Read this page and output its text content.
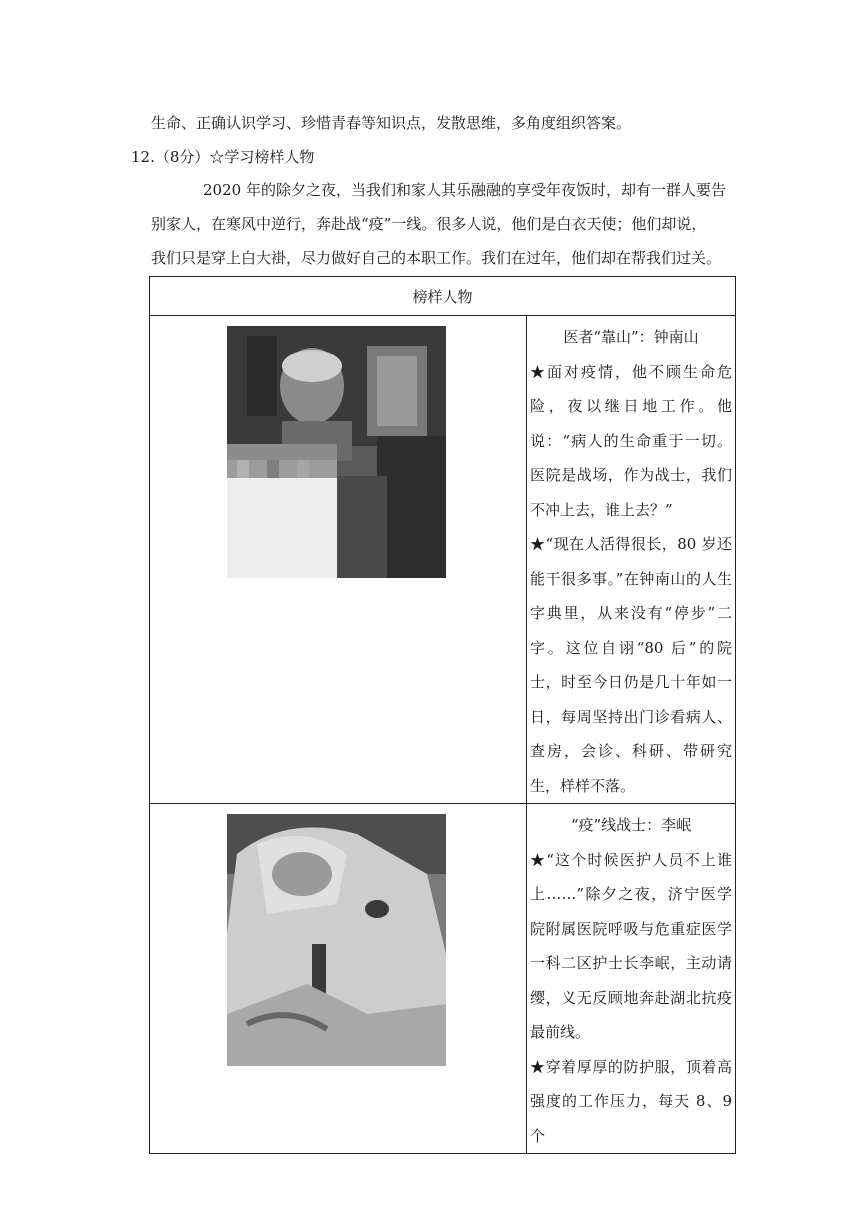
生命、正确认识学习、珍惜青春等知识点，发散思维，多角度组织答案。
12.（8分）☆学习榜样人物
2020 年的除夕之夜，当我们和家人其乐融融的享受年夜饭时，却有一群人要告
别家人，在寒风中逆行，奔赴战“疫”一线。很多人说，他们是白衣天使；他们却说，
我们只是穿上白大褂，尽力做好自己的本职工作。我们在过年，他们却在帮我们过关。
榜样人物	

医者“靠山”：钟南山

★面对疫情，他不顾生命危险，夜以继日地工作。他说：“病人的生命重于一切。医院是战场，作为战士，我们不冲上去，谁上去？”

★“现在人活得很长，80 岁还能干很多事。”在钟南山的人生字典里，从来没有“停步”二字。这位自诩“80 后”的院士，时至今日仍是几十年如一日，每周坚持出门诊看病人、查房，会诊、科研、带研究生，样样不落。

“疫”线战士：李岷

★“这个时候医护人员不上谁上……”除夕之夜，济宁医学院附属医院呼吸与危重症医学一科二区护士长李岷，主动请缨，义无反顾地奔赴湖北抗疫最前线。

★穿着厚厚的防护服，顶着高强度的工作压力，每天 8、9 个
